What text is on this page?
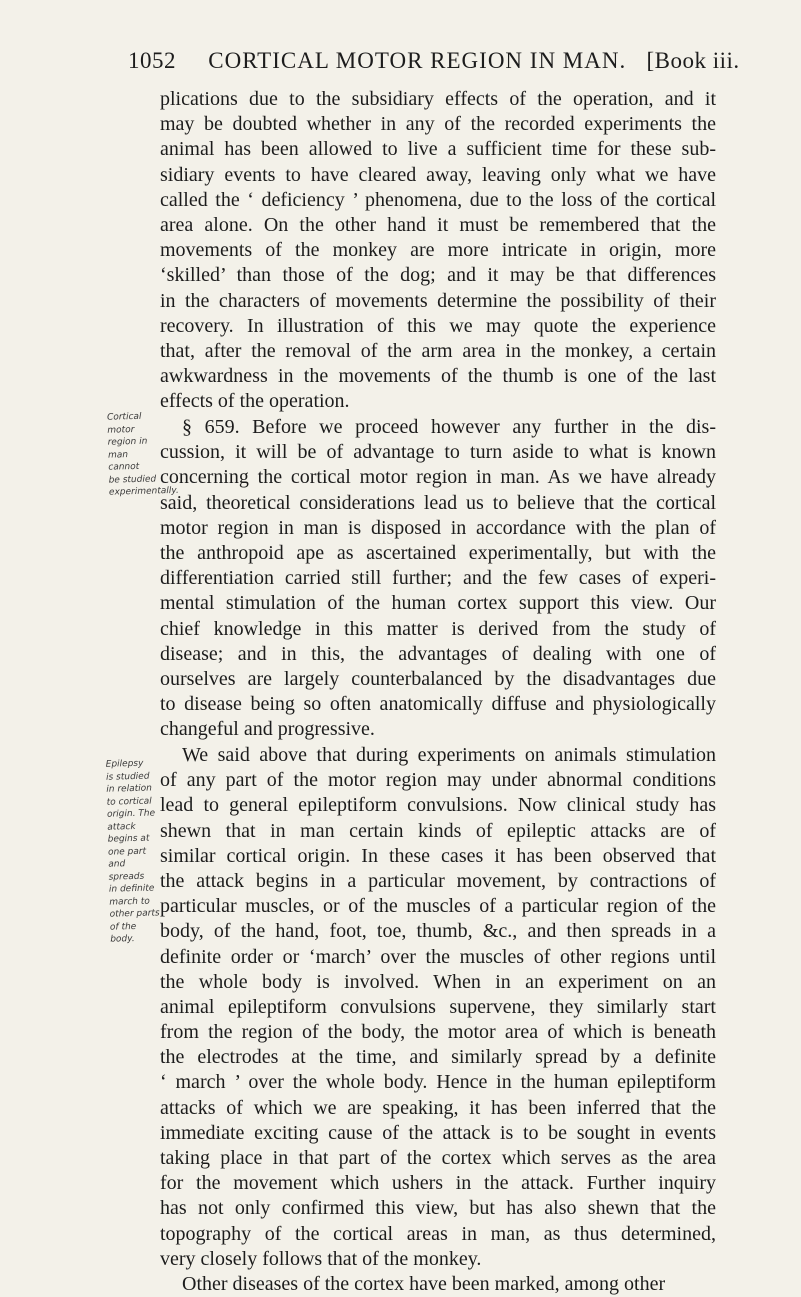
1052 CORTICAL MOTOR REGION IN MAN. [Book iii.
plications due to the subsidiary effects of the operation, and it
may be doubted whether in any of the recorded experiments the
animal has been allowed to live a sufficient time for these sub-
sidiary events to have cleared away, leaving only what we have
called the ‘ deficiency ’ phenomena, due to the loss of the cortical
area alone. On the other hand it must be remembered that the
movements of the monkey are more intricate in origin, more
‘skilled’ than those of the dog; and it may be that differences
in the characters of movements determine the possibility of their
recovery. In illustration of this we may quote the experience
that, after the removal of the arm area in the monkey, a certain
awkwardness in the movements of the thumb is one of the last
effects of the operation.
§ 659. Before we proceed however any further in the dis-
cussion, it will be of advantage to turn aside to what is known
concerning the cortical motor region in man. As we have already
said, theoretical considerations lead us to believe that the cortical
motor region in man is disposed in accordance with the plan of
the anthropoid ape as ascertained experimentally, but with the
differentiation carried still further; and the few cases of experi-
mental stimulation of the human cortex support this view. Our
chief knowledge in this matter is derived from the study of
disease; and in this, the advantages of dealing with one of
ourselves are largely counterbalanced by the disadvantages due
to disease being so often anatomically diffuse and physiologically
changeful and progressive.
We said above that during experiments on animals stimulation
of any part of the motor region may under abnormal conditions
lead to general epileptiform convulsions. Now clinical study has
shewn that in man certain kinds of epileptic attacks are of
similar cortical origin. In these cases it has been observed that
the attack begins in a particular movement, by contractions of
particular muscles, or of the muscles of a particular region of the
body, of the hand, foot, toe, thumb, &c., and then spreads in a
definite order or ‘march’ over the muscles of other regions until
the whole body is involved. When in an experiment on an
animal epileptiform convulsions supervene, they similarly start
from the region of the body, the motor area of which is beneath
the electrodes at the time, and similarly spread by a definite
‘ march ’ over the whole body. Hence in the human epileptiform
attacks of which we are speaking, it has been inferred that the
immediate exciting cause of the attack is to be sought in events
taking place in that part of the cortex which serves as the area
for the movement which ushers in the attack. Further inquiry
has not only confirmed this view, but has also shewn that the
topography of the cortical areas in man, as thus determined,
very closely follows that of the monkey.
Other diseases of the cortex have been marked, among other
Cortical motor
region in
man cannot
be studied
experimentally.
Epilepsy
is studied
in relation
to cortical
origin. The
attack
begins at
one part
and spreads
in definite
march to
other parts
of the body.
